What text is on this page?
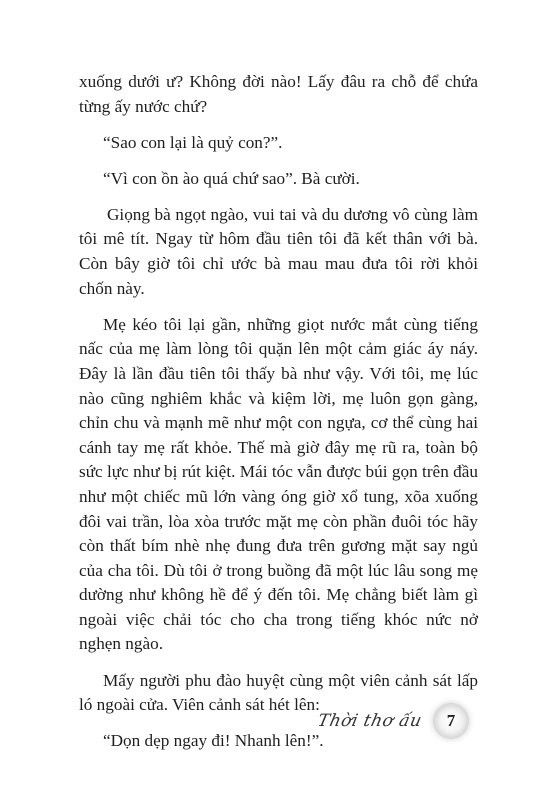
xuống dưới ư? Không đời nào! Lấy đâu ra chỗ để chứa từng ấy nước chứ?

“Sao con lại là quỷ con?”.

“Vì con ồn ào quá chứ sao”. Bà cười.

Giọng bà ngọt ngào, vui tai và du dương vô cùng làm tôi mê tít. Ngay từ hôm đầu tiên tôi đã kết thân với bà. Còn bây giờ tôi chỉ ước bà mau mau đưa tôi rời khỏi chốn này.

Mẹ kéo tôi lại gần, những giọt nước mắt cùng tiếng nấc của mẹ làm lòng tôi quặn lên một cảm giác áy náy. Đây là lần đầu tiên tôi thấy bà như vậy. Với tôi, mẹ lúc nào cũng nghiêm khắc và kiệm lời, mẹ luôn gọn gàng, chỉn chu và mạnh mẽ như một con ngựa, cơ thể cùng hai cánh tay mẹ rất khỏe. Thế mà giờ đây mẹ rũ ra, toàn bộ sức lực như bị rút kiệt. Mái tóc vẫn được búi gọn trên đầu như một chiếc mũ lớn vàng óng giờ xổ tung, xõa xuống đôi vai trần, lòa xòa trước mặt mẹ còn phần đuôi tóc hãy còn thất bím nhè nhẹ đung đưa trên gương mặt say ngủ của cha tôi. Dù tôi ở trong buồng đã một lúc lâu song mẹ dường như không hề để ý đến tôi. Mẹ chẳng biết làm gì ngoài việc chải tóc cho cha trong tiếng khóc nức nở nghẹn ngào.

Mấy người phu đào huyệt cùng một viên cảnh sát lấp ló ngoài cửa. Viên cảnh sát hét lên:

“Dọn dẹp ngay đi! Nhanh lên!”.

Thời thơ ấu 7
